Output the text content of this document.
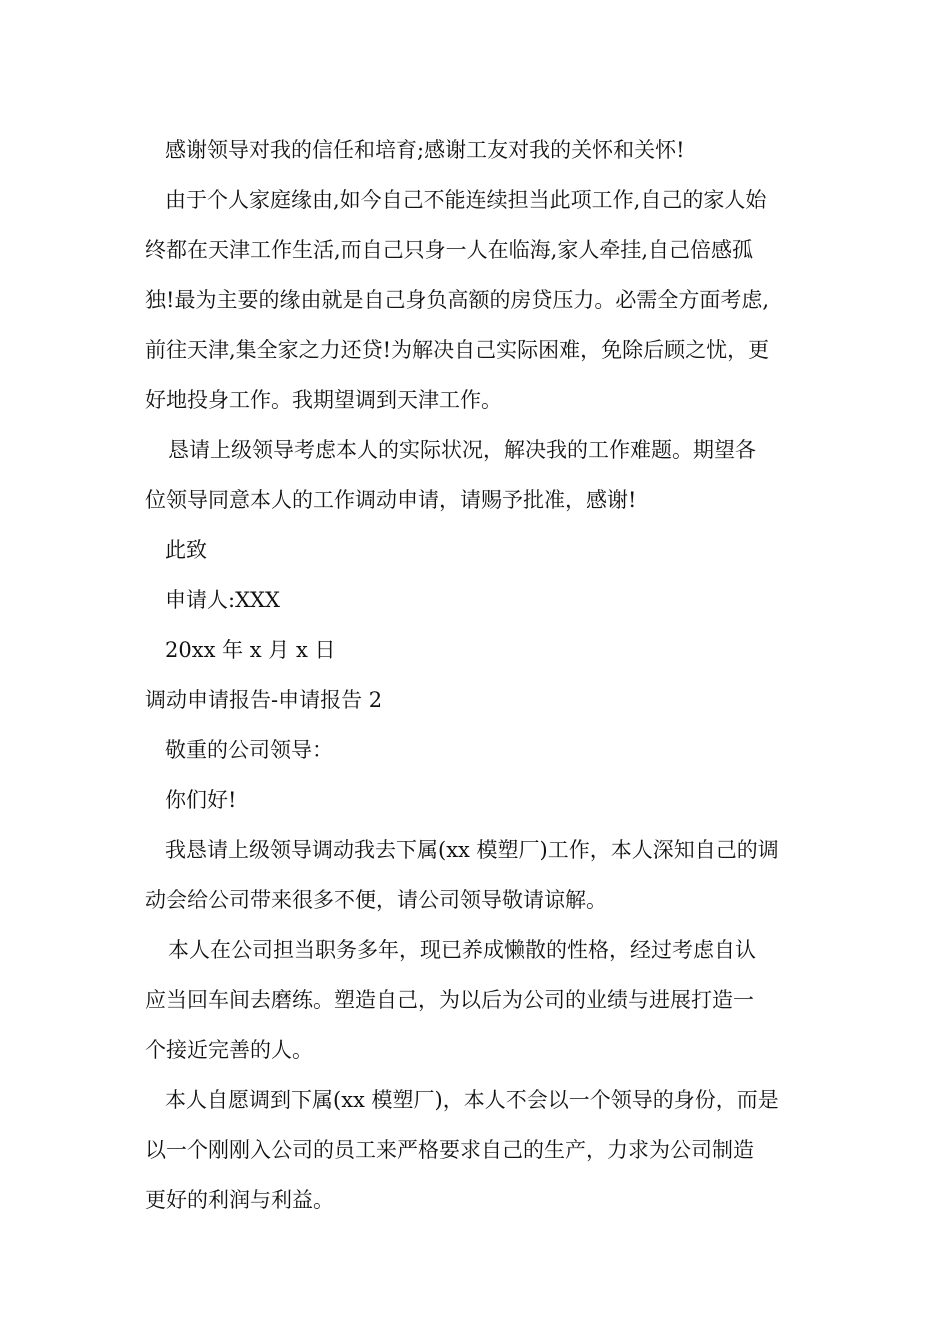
感谢领导对我的信任和培育;感谢工友对我的关怀和关怀!
由于个人家庭缘由,如今自己不能连续担当此项工作,自己的家人始
终都在天津工作生活,而自己只身一人在临海,家人牵挂,自己倍感孤
独!最为主要的缘由就是自己身负高额的房贷压力。必需全方面考虑,
前往天津,集全家之力还贷!为解决自己实际困难，免除后顾之忧，更
好地投身工作。我期望调到天津工作。
恳请上级领导考虑本人的实际状况，解决我的工作难题。期望各
位领导同意本人的工作调动申请，请赐予批准，感谢!
此致
申请人:XXX
20xx 年 x 月 x 日
调动申请报告-申请报告 2
敬重的公司领导：
你们好!
我恳请上级领导调动我去下属(xx 模塑厂)工作，本人深知自己的调
动会给公司带来很多不便，请公司领导敬请谅解。
本人在公司担当职务多年，现已养成懒散的性格，经过考虑自认
应当回车间去磨练。塑造自己，为以后为公司的业绩与进展打造一
个接近完善的人。
本人自愿调到下属(xx 模塑厂)，本人不会以一个领导的身份，而是
以一个刚刚入公司的员工来严格要求自己的生产，力求为公司制造
更好的利润与利益。
